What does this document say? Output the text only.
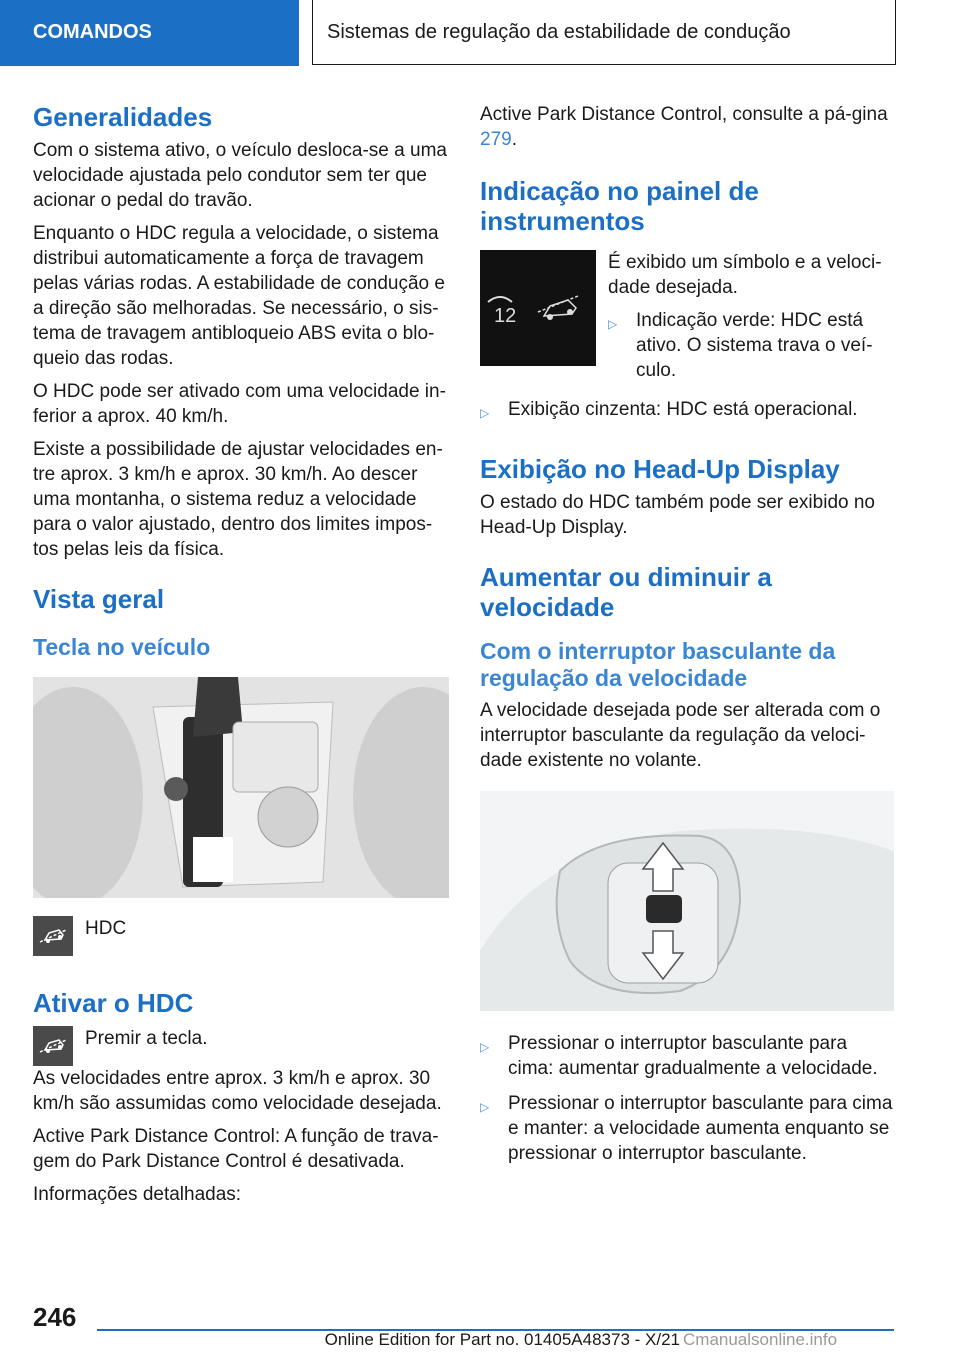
COMANDOS	Sistemas de regulação da estabilidade de condução
Generalidades

Com o sistema ativo, o veículo desloca-se a uma velocidade ajustada pelo condutor sem ter que acionar o pedal do travão.

Enquanto o HDC regula a velocidade, o sistema distribui automaticamente a força de travagem pelas várias rodas. A estabilidade de condução e a direção são melhoradas. Se necessário, o sis-tema de travagem antibloqueio ABS evita o blo-queio das rodas.

O HDC pode ser ativado com uma velocidade in-ferior a aprox. 40 km/h.

Existe a possibilidade de ajustar velocidades en-tre aprox. 3 km/h e aprox. 30 km/h. Ao descer uma montanha, o sistema reduz a velocidade para o valor ajustado, dentro dos limites impos-tos pelas leis da física.

Vista geral
Tecla no veículo
HDC
Ativar o HDC

Premir a tecla.

As velocidades entre aprox. 3 km/h e aprox. 30 km/h são assumidas como velocidade desejada.

Active Park Distance Control: A função de trava-gem do Park Distance Control é desativada.

Informações detalhadas:

Active Park Distance Control, consulte a pá-gina 279.

Indicação no painel de instrumentos
12

É exibido um símbolo e a veloci-dade desejada.

▷ Indicação verde: HDC está ativo. O sistema trava o veí-culo.
▷ Exibição cinzenta: HDC está operacional.
Exibição no Head-Up Display

O estado do HDC também pode ser exibido no Head-Up Display.

Aumentar ou diminuir a velocidade
Com o interruptor basculante da regulação da velocidade

A velocidade desejada pode ser alterada com o interruptor basculante da regulação da veloci-dade existente no volante.

▷ Pressionar o interruptor basculante para cima: aumentar gradualmente a velocidade.
▷ Pressionar o interruptor basculante para cima e manter: a velocidade aumenta enquanto se pressionar o interruptor basculante.
246
Online Edition for Part no. 01405A48373 - X/21 Cmanualsonline.info
